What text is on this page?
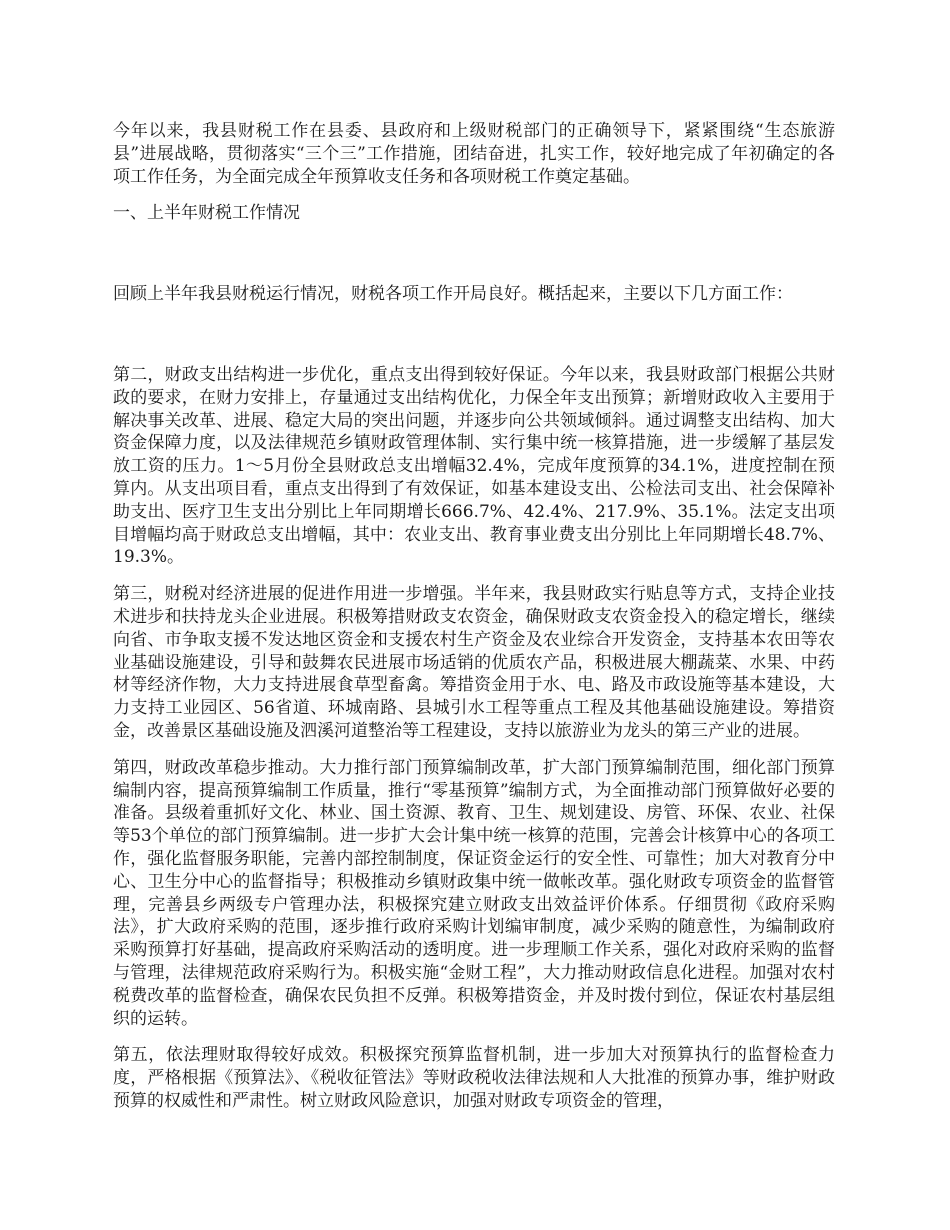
今年以来，我县财税工作在县委、县政府和上级财税部门的正确领导下，紧紧围绕“生态旅游县”进展战略，贯彻落实“三个三”工作措施，团结奋进，扎实工作，较好地完成了年初确定的各项工作任务，为全面完成全年预算收支任务和各项财税工作奠定基础。

一、上半年财税工作情况

回顾上半年我县财税运行情况，财税各项工作开局良好。概括起来，主要以下几方面工作：

第二，财政支出结构进一步优化，重点支出得到较好保证。今年以来，我县财政部门根据公共财政的要求，在财力安排上，存量通过支出结构优化，力保全年支出预算；新增财政收入主要用于解决事关改革、进展、稳定大局的突出问题，并逐步向公共领域倾斜。通过调整支出结构、加大资金保障力度，以及法律规范乡镇财政管理体制、实行集中统一核算措施，进一步缓解了基层发放工资的压力。1～5月份全县财政总支出增幅32.4%，完成年度预算的34.1%，进度控制在预算内。从支出项目看，重点支出得到了有效保证，如基本建设支出、公检法司支出、社会保障补助支出、医疗卫生支出分别比上年同期增长666.7%、42.4%、217.9%、35.1%。法定支出项目增幅均高于财政总支出增幅，其中：农业支出、教育事业费支出分别比上年同期增长48.7%、19.3%。

第三，财税对经济进展的促进作用进一步增强。半年来，我县财政实行贴息等方式，支持企业技术进步和扶持龙头企业进展。积极筹措财政支农资金，确保财政支农资金投入的稳定增长，继续向省、市争取支援不发达地区资金和支援农村生产资金及农业综合开发资金，支持基本农田等农业基础设施建设，引导和鼓舞农民进展市场适销的优质农产品，积极进展大棚蔬菜、水果、中药材等经济作物，大力支持进展食草型畜禽。筹措资金用于水、电、路及市政设施等基本建设，大力支持工业园区、56省道、环城南路、县城引水工程等重点工程及其他基础设施建设。筹措资金，改善景区基础设施及泗溪河道整治等工程建设，支持以旅游业为龙头的第三产业的进展。

第四，财政改革稳步推动。大力推行部门预算编制改革，扩大部门预算编制范围，细化部门预算编制内容，提高预算编制工作质量，推行“零基预算”编制方式，为全面推动部门预算做好必要的准备。县级着重抓好文化、林业、国土资源、教育、卫生、规划建设、房管、环保、农业、社保等53个单位的部门预算编制。进一步扩大会计集中统一核算的范围，完善会计核算中心的各项工作，强化监督服务职能，完善内部控制制度，保证资金运行的安全性、可靠性；加大对教育分中心、卫生分中心的监督指导；积极推动乡镇财政集中统一做帐改革。强化财政专项资金的监督管理，完善县乡两级专户管理办法，积极探究建立财政支出效益评价体系。仔细贯彻《政府采购法》，扩大政府采购的范围，逐步推行政府采购计划编审制度，减少采购的随意性，为编制政府采购预算打好基础，提高政府采购活动的透明度。进一步理顺工作关系，强化对政府采购的监督与管理，法律规范政府采购行为。积极实施“金财工程”，大力推动财政信息化进程。加强对农村税费改革的监督检查，确保农民负担不反弹。积极筹措资金，并及时拨付到位，保证农村基层组织的运转。

第五，依法理财取得较好成效。积极探究预算监督机制，进一步加大对预算执行的监督检查力度，严格根据《预算法》、《税收征管法》等财政税收法律法规和人大批准的预算办事，维护财政预算的权威性和严肃性。树立财政风险意识，加强对财政专项资金的管理，
